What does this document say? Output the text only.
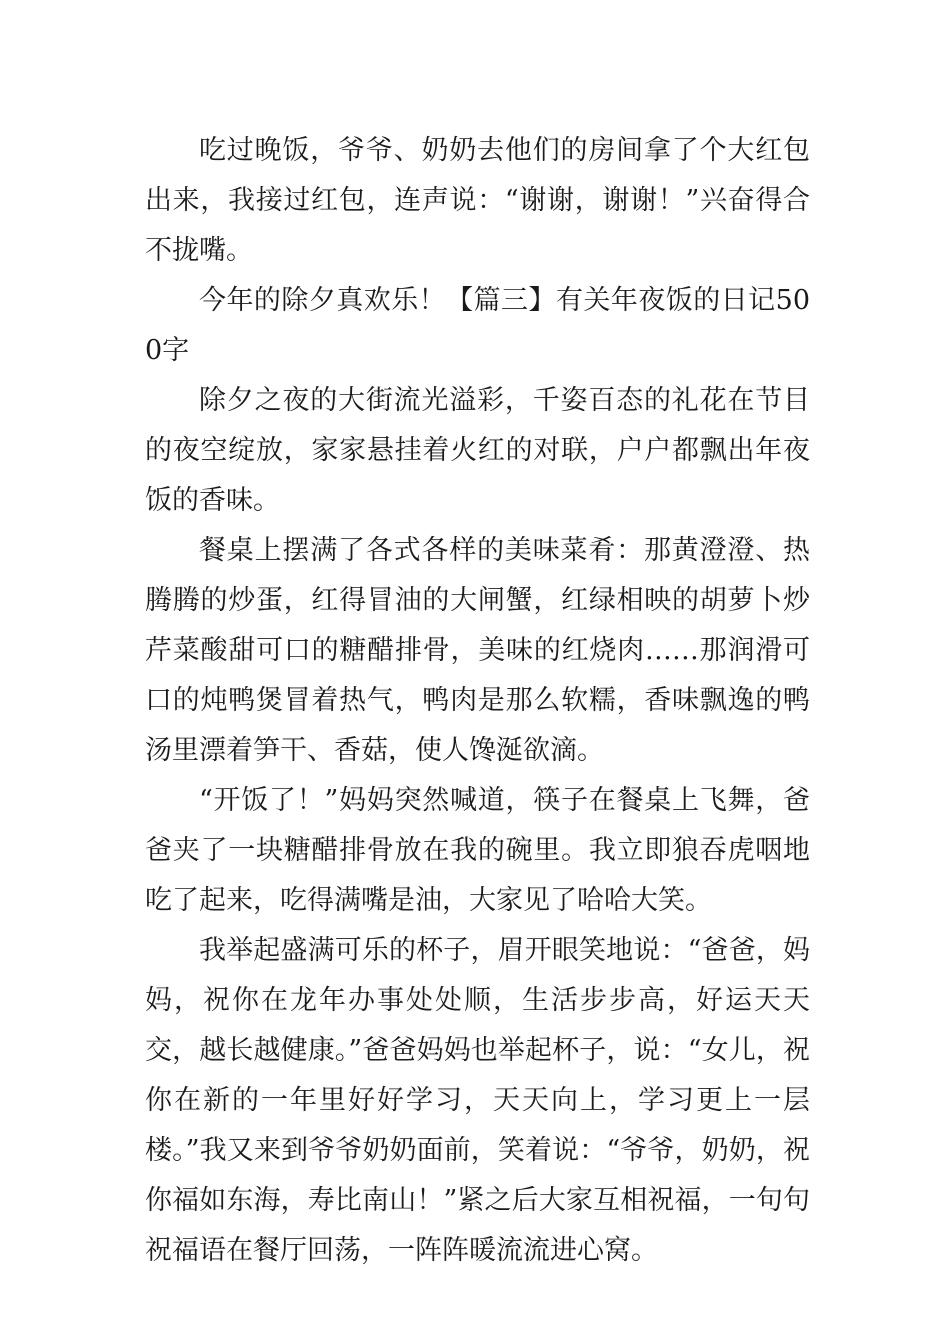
吃过晚饭，爷爷、奶奶去他们的房间拿了个大红包出来，我接过红包，连声说：“谢谢，谢谢！”兴奋得合不拢嘴。

今年的除夕真欢乐！【篇三】有关年夜饭的日记500字

除夕之夜的大街流光溢彩，千姿百态的礼花在节目的夜空绽放，家家悬挂着火红的对联，户户都飘出年夜饭的香味。

餐桌上摆满了各式各样的美味菜肴：那黄澄澄、热腾腾的炒蛋，红得冒油的大闸蟹，红绿相映的胡萝卜炒芹菜酸甜可口的糖醋排骨，美味的红烧肉……那润滑可口的炖鸭煲冒着热气，鸭肉是那么软糯，香味飘逸的鸭汤里漂着笋干、香菇，使人馋涎欲滴。

“开饭了！”妈妈突然喊道，筷子在餐桌上飞舞，爸爸夹了一块糖醋排骨放在我的碗里。我立即狼吞虎咽地吃了起来，吃得满嘴是油，大家见了哈哈大笑。

我举起盛满可乐的杯子，眉开眼笑地说：“爸爸，妈妈，祝你在龙年办事处处顺，生活步步高，好运天天交，越长越健康。”爸爸妈妈也举起杯子，说：“女儿，祝你在新的一年里好好学习，天天向上，学习更上一层楼。”我又来到爷爷奶奶面前，笑着说：“爷爷，奶奶，祝你福如东海，寿比南山！”紧之后大家互相祝福，一句句祝福语在餐厅回荡，一阵阵暖流流进心窝。
